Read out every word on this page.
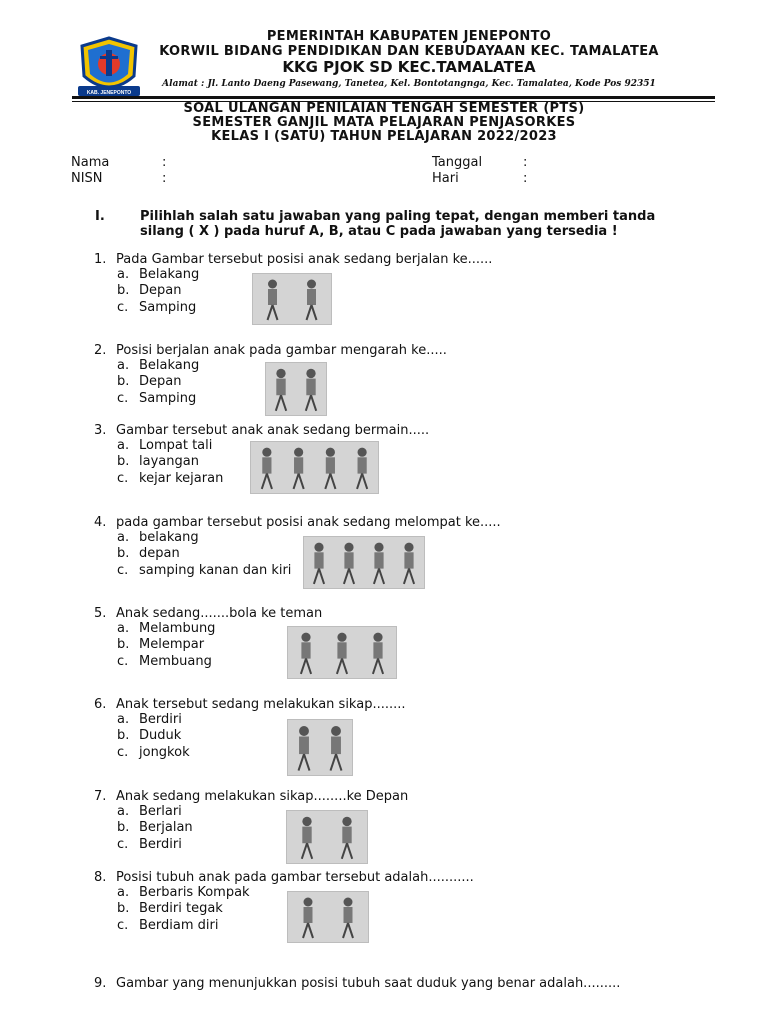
KAB. JENEPONTO
PEMERINTAH KABUPATEN JENEPONTO
KORWIL BIDANG PENDIDIKAN DAN KEBUDAYAAN KEC. TAMALATEA
KKG PJOK SD KEC.TAMALATEA
Alamat : Jl. Lanto Daeng Pasewang, Tanetea, Kel. Bontotangnga, Kec. Tamalatea, Kode Pos 92351
SOAL ULANGAN PENILAIAN TENGAH SEMESTER (PTS)
SEMESTER GANJIL MATA PELAJARAN PENJASORKES
KELAS I (SATU) TAHUN PELAJARAN 2022/2023
Nama	:
NISN	:
Tanggal	:
Hari	:
I.	Pilihlah salah satu jawaban yang paling tepat, dengan memberi tanda
silang ( X ) pada huruf A, B, atau C pada jawaban yang tersedia !
1. Pada Gambar tersebut posisi anak sedang berjalan ke......
a. Belakang
b. Depan
c. Samping
2. Posisi berjalan anak pada gambar mengarah ke.....
a. Belakang
b. Depan
c. Samping
3. Gambar tersebut anak anak sedang bermain.....
a. Lompat tali
b. layangan
c. kejar kejaran
4. pada gambar tersebut posisi anak sedang melompat ke.....
a. belakang
b. depan
c. samping kanan dan kiri
5. Anak sedang.......bola ke teman
a. Melambung
b. Melempar
c. Membuang
6. Anak tersebut sedang melakukan sikap........
a. Berdiri
b. Duduk
c. jongkok
7. Anak sedang melakukan sikap........ke Depan
a. Berlari
b. Berjalan
c. Berdiri
8. Posisi tubuh anak pada gambar tersebut adalah...........
a. Berbaris Kompak
b. Berdiri tegak
c. Berdiam diri
9. Gambar yang menunjukkan posisi tubuh saat duduk yang benar adalah.........
